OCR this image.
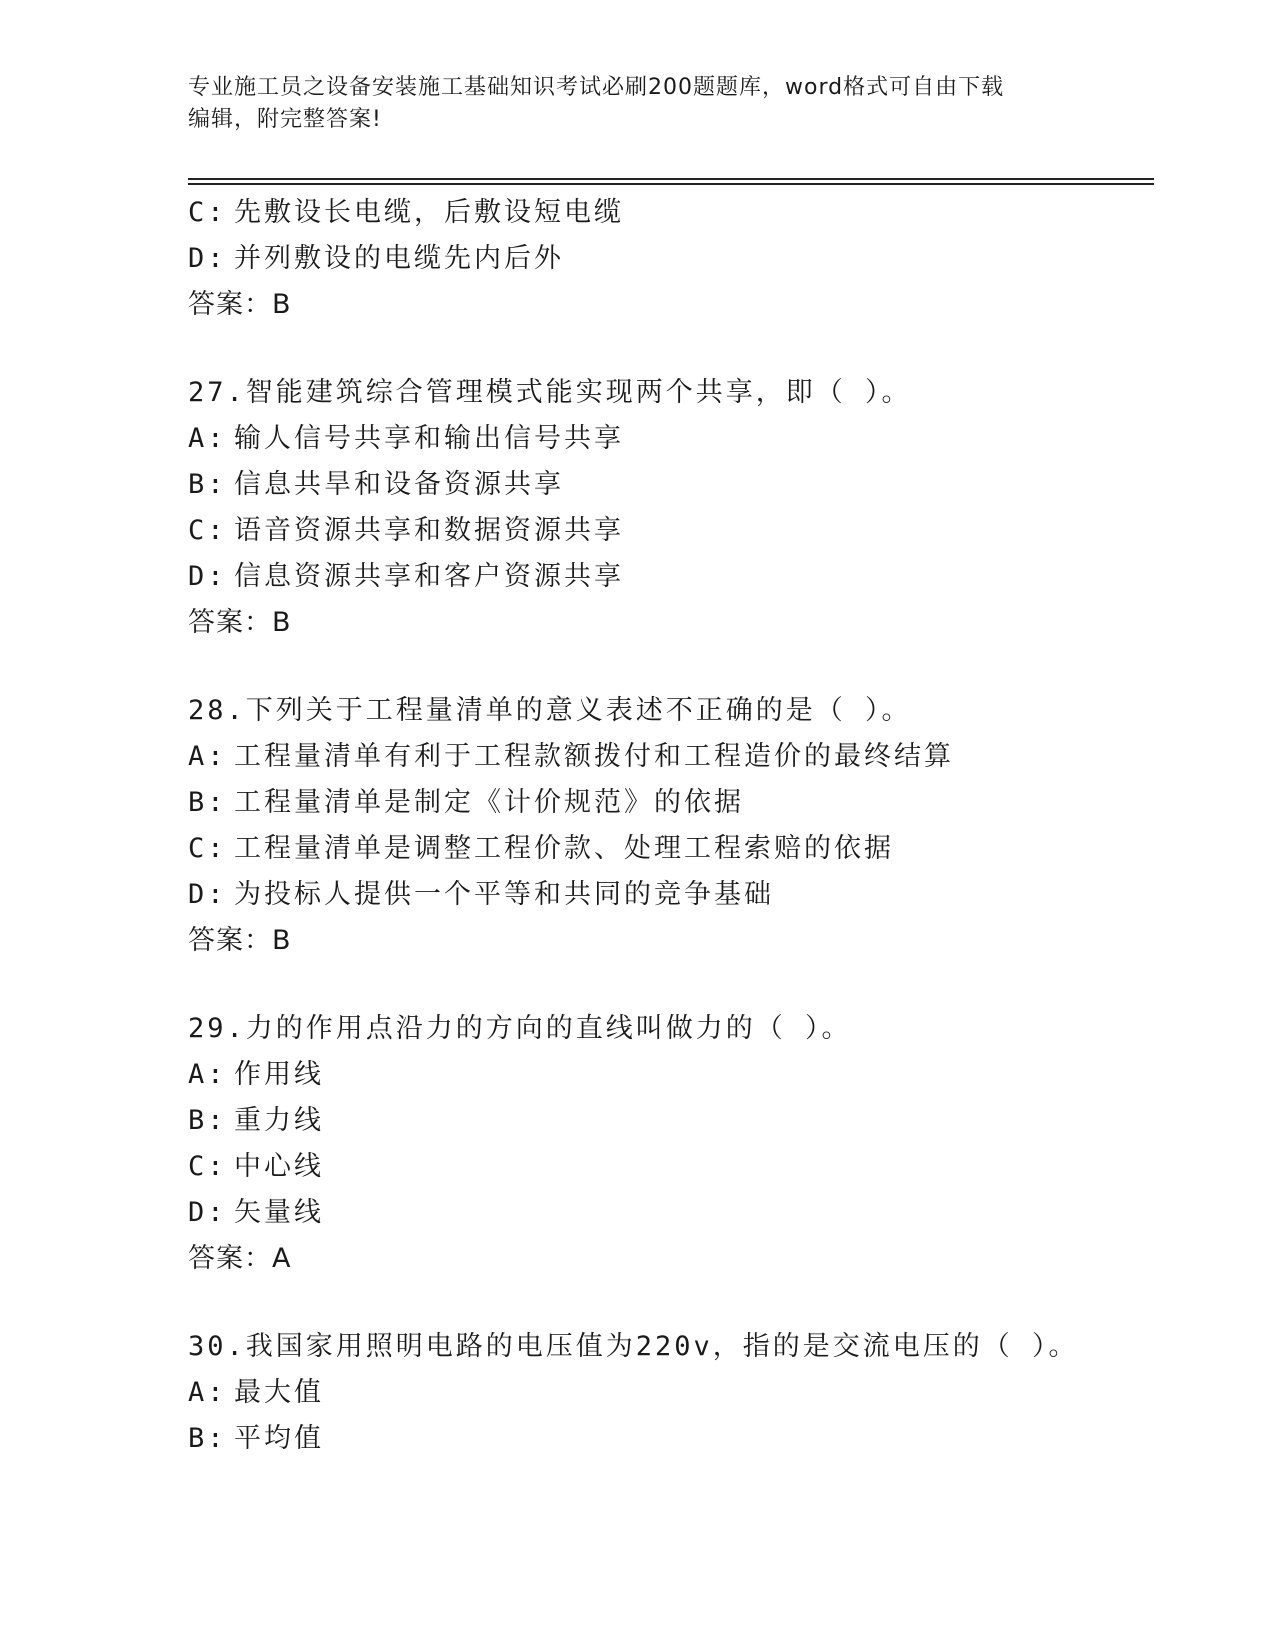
专业施工员之设备安装施工基础知识考试必刷200题题库，word格式可自由下载
编辑，附完整答案!
C: 先敷设长电缆，后敷设短电缆
D: 并列敷设的电缆先内后外
答案：B
27.智能建筑综合管理模式能实现两个共享，即（ ）。
A: 输人信号共享和输出信号共享
B: 信息共旱和设备资源共享
C: 语音资源共享和数据资源共享
D: 信息资源共享和客户资源共享
答案：B
28.下列关于工程量清单的意义表述不正确的是（ ）。
A: 工程量清单有利于工程款额拨付和工程造价的最终结算
B: 工程量清单是制定《计价规范》的依据
C: 工程量清单是调整工程价款、处理工程索赔的依据
D: 为投标人提供一个平等和共同的竞争基础
答案：B
29.力的作用点沿力的方向的直线叫做力的（ ）。
A: 作用线
B: 重力线
C: 中心线
D: 矢量线
答案：A
30.我国家用照明电路的电压值为220v，指的是交流电压的（ ）。
A: 最大值
B: 平均值
